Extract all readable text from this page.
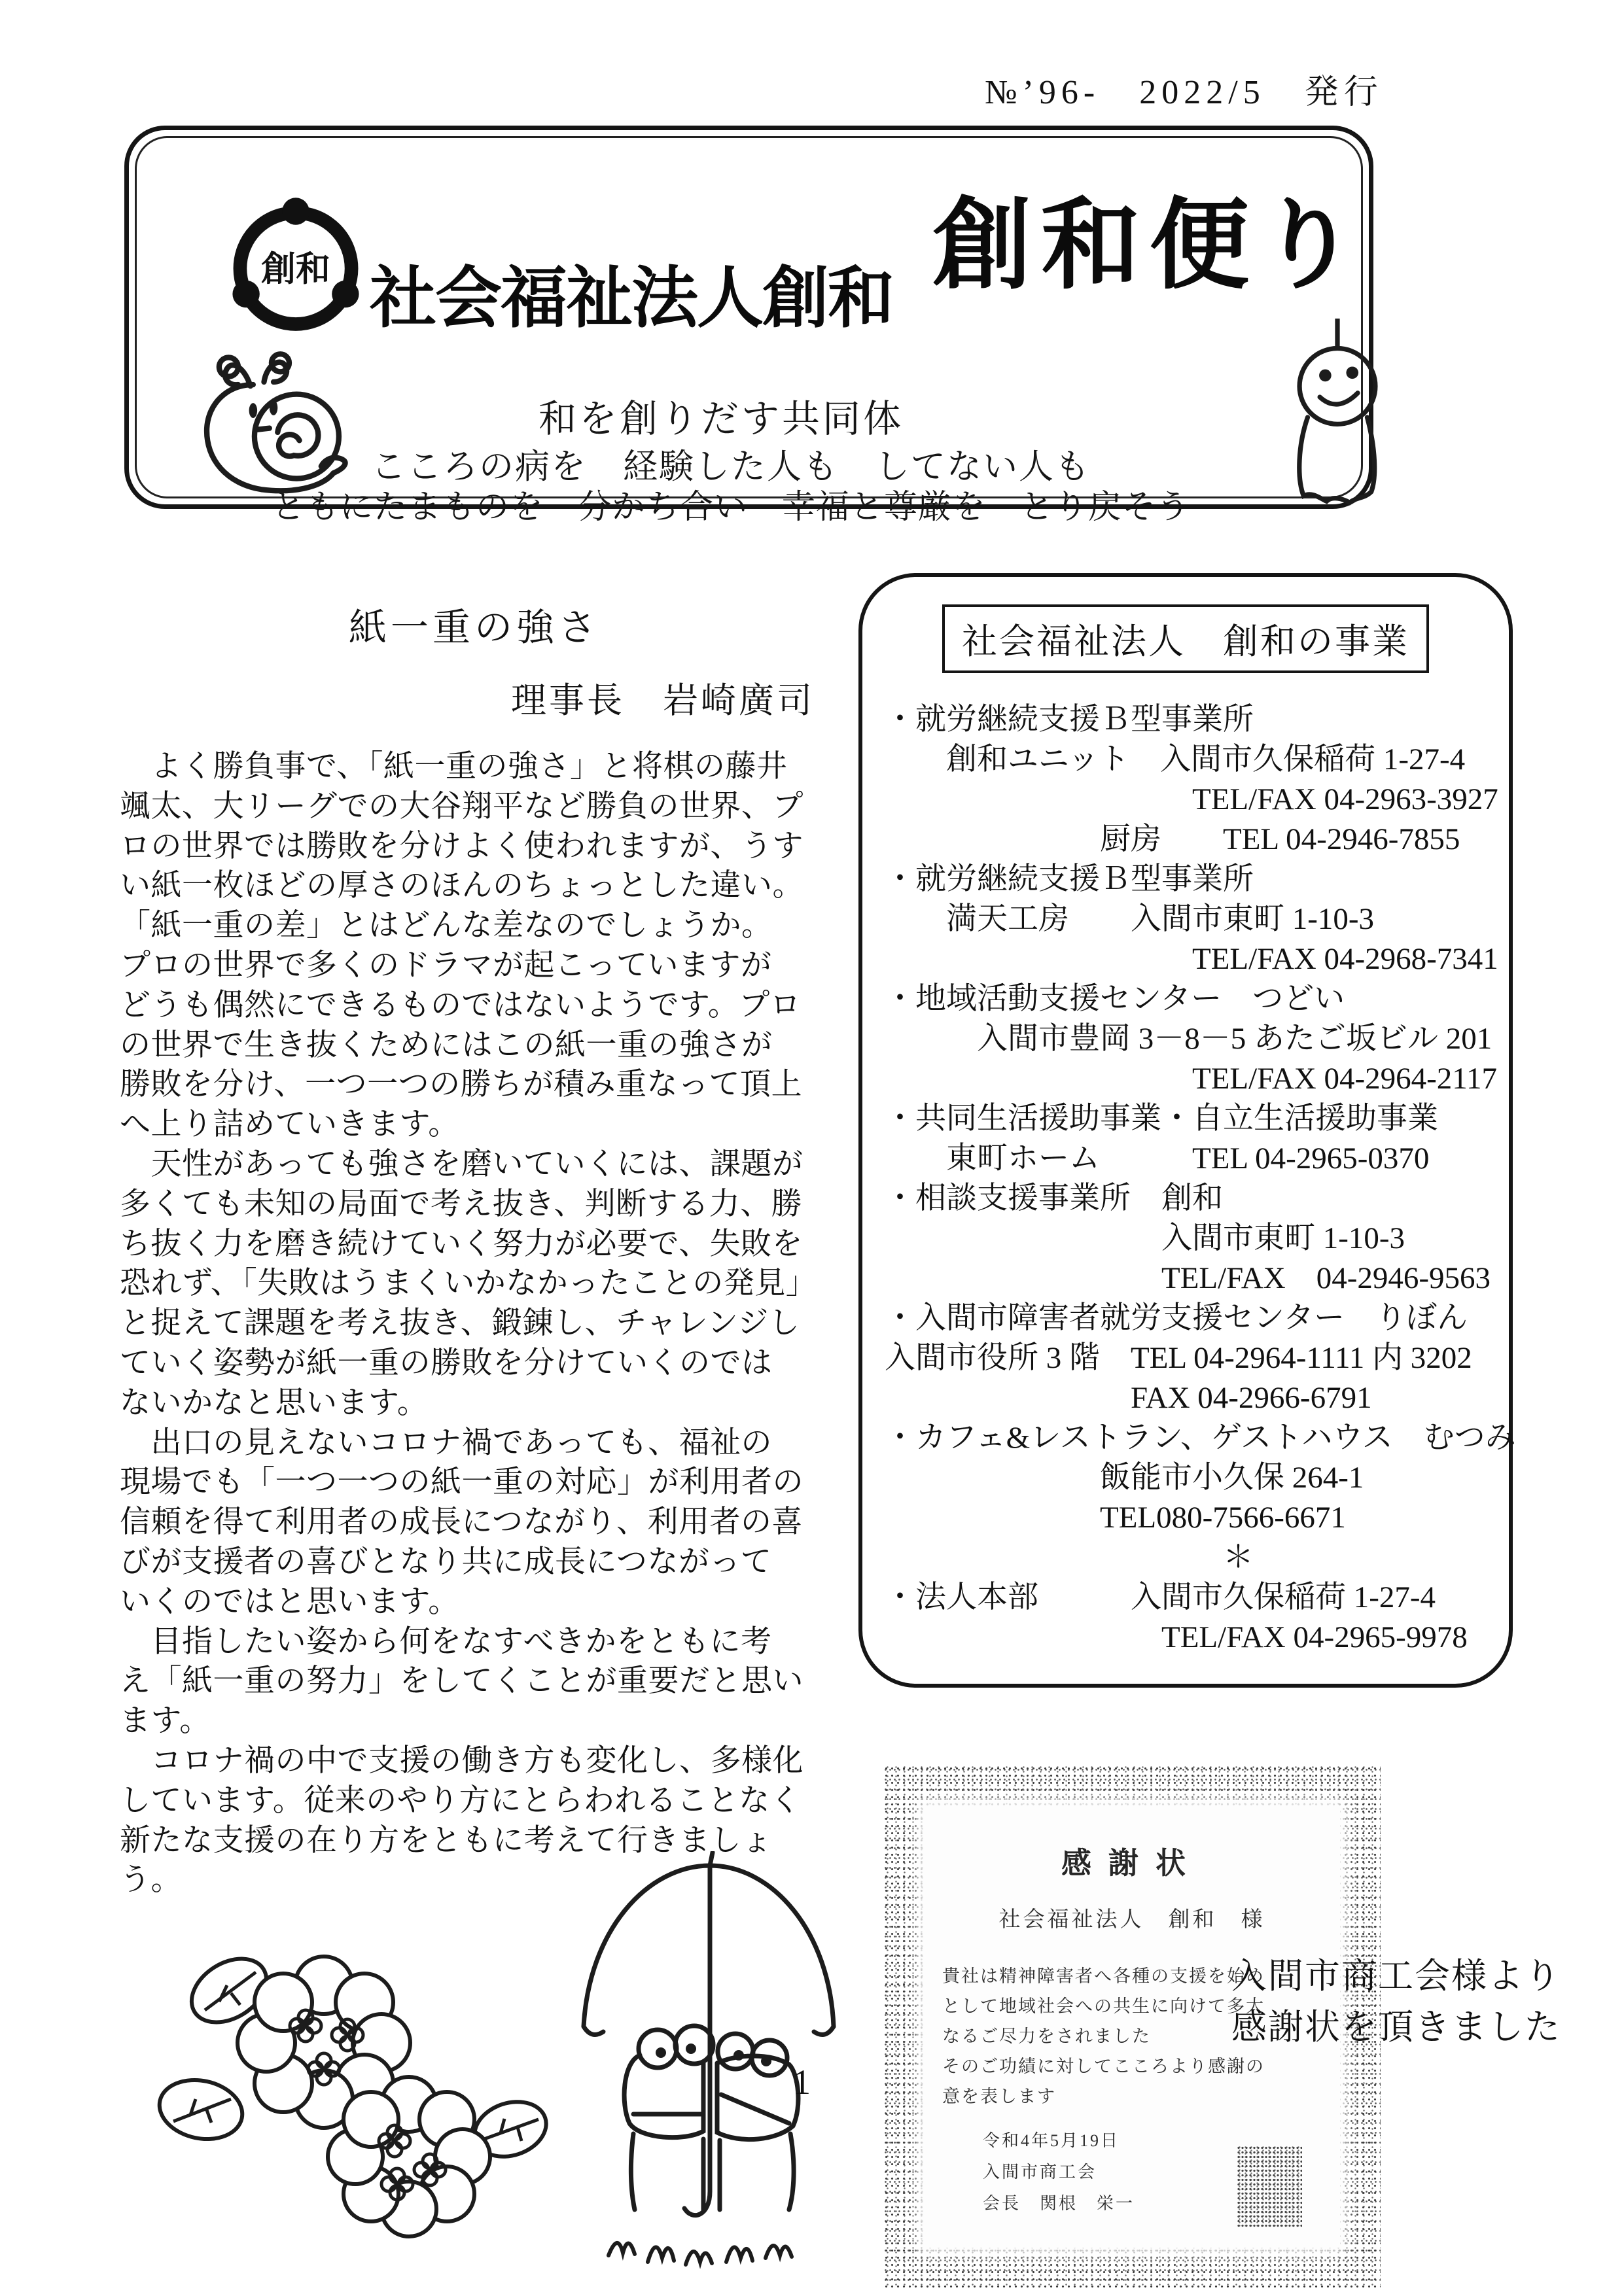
№’96-　2022/5　発行
創和 社会福祉法人創和 創和便り
和を創りだす共同体
こころの病を　経験した人も　してない人も
ともにたまものを　分かち合い　幸福と尊厳を　とり戻そう
紙一重の強さ
理事長　岩崎廣司
　よく勝負事で、「紙一重の強さ」と将棋の藤井
颯太、大リーグでの大谷翔平など勝負の世界、プ
ロの世界では勝敗を分けよく使われますが、うす
い紙一枚ほどの厚さのほんのちょっとした違い。
「紙一重の差」とはどんな差なのでしょうか。
プロの世界で多くのドラマが起こっていますが
どうも偶然にできるものではないようです。プロ
の世界で生き抜くためにはこの紙一重の強さが
勝敗を分け、一つ一つの勝ちが積み重なって頂上
へ上り詰めていきます。
　天性があっても強さを磨いていくには、課題が
多くても未知の局面で考え抜き、判断する力、勝
ち抜く力を磨き続けていく努力が必要で、失敗を
恐れず、「失敗はうまくいかなかったことの発見」
と捉えて課題を考え抜き、鍛錬し、チャレンジし
ていく姿勢が紙一重の勝敗を分けていくのでは
ないかなと思います。
　出口の見えないコロナ禍であっても、福祉の
現場でも「一つ一つの紙一重の対応」が利用者の
信頼を得て利用者の成長につながり、利用者の喜
びが支援者の喜びとなり共に成長につながって
いくのではと思います。
　目指したい姿から何をなすべきかをともに考
え「紙一重の努力」をしてくことが重要だと思い
ます。
　コロナ禍の中で支援の働き方も変化し、多様化
しています。従来のやり方にとらわれることなく
新たな支援の在り方をともに考えて行きましょ
う。
社会福祉法人　創和の事業
・就労継続支援Ｂ型事業所
　　創和ユニット　入間市久保稲荷 1-27-4
　　　　　　　　　　TEL/FAX 04-2963-3927
　　　　　　　厨房　　TEL 04-2946-7855
・就労継続支援Ｂ型事業所
　　満天工房　　入間市東町 1-10-3
　　　　　　　　　　TEL/FAX 04-2968-7341
・地域活動支援センター　つどい
　　　入間市豊岡 3－8－5 あたご坂ビル 201
　　　　　　　　　　TEL/FAX 04-2964-2117
・共同生活援助事業・自立生活援助事業
　　東町ホーム　　　TEL 04-2965-0370
・相談支援事業所　創和
　　　　　　　　　入間市東町 1-10-3
　　　　　　　　　TEL/FAX　04-2946-9563
・入間市障害者就労支援センター　りぼん
入間市役所 3 階　TEL 04-2964-1111 内 3202
　　　　　　　　FAX 04-2966-6791
・カフェ&レストラン、ゲストハウス　むつみ
　　　　　　　飯能市小久保 264-1
　　　　　　　TEL080-7566-6671
　　　　　　　　　　　＊
・法人本部　　　入間市久保稲荷 1-27-4
　　　　　　　　　TEL/FAX 04-2965-9978
1
感謝状
社会福祉法人　創和　様
貴社は精神障害者へ各種の支援を始め
として地域社会への共生に向けて多大
なるご尽力をされました
そのご功績に対してこころより感謝の
意を表します
令和4年5月19日
入間市商工会
会長　関根　栄一
入間市商工会様より
感謝状を頂きました
